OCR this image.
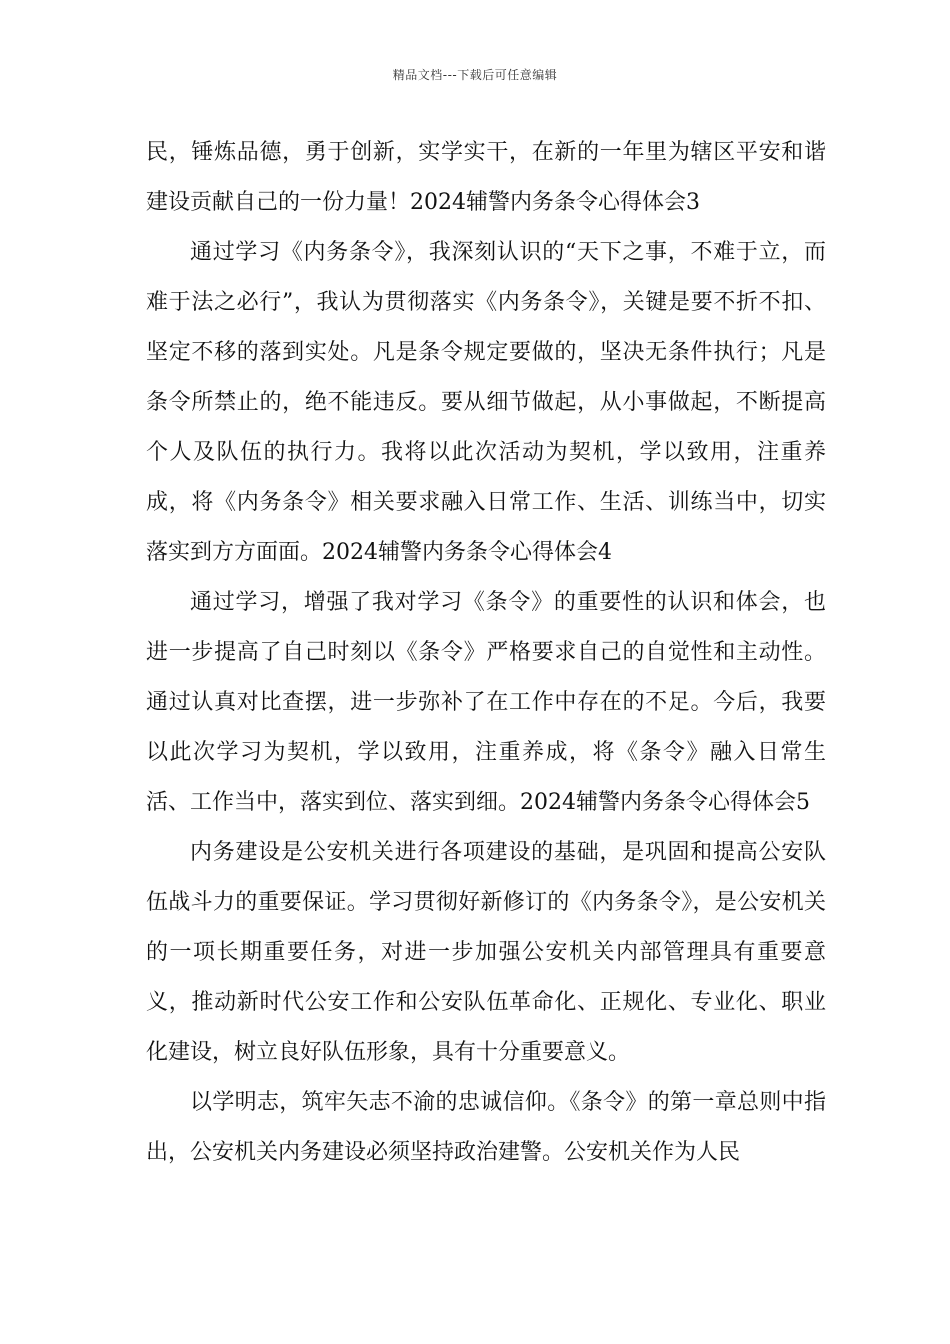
精品文档---下载后可任意编辑

民，锤炼品德，勇于创新，实学实干，在新的一年里为辖区平安和谐建设贡献自己的一份力量！2024辅警内务条令心得体会3

通过学习《内务条令》，我深刻认识的“天下之事，不难于立，而难于法之必行”，我认为贯彻落实《内务条令》，关键是要不折不扣、坚定不移的落到实处。凡是条令规定要做的，坚决无条件执行；凡是条令所禁止的，绝不能违反。要从细节做起，从小事做起，不断提高个人及队伍的执行力。我将以此次活动为契机，学以致用，注重养成，将《内务条令》相关要求融入日常工作、生活、训练当中，切实落实到方方面面。2024辅警内务条令心得体会4

通过学习，增强了我对学习《条令》的重要性的认识和体会，也进一步提高了自己时刻以《条令》严格要求自己的自觉性和主动性。通过认真对比查摆，进一步弥补了在工作中存在的不足。今后，我要以此次学习为契机，学以致用，注重养成，将《条令》融入日常生活、工作当中，落实到位、落实到细。2024辅警内务条令心得体会5

内务建设是公安机关进行各项建设的基础，是巩固和提高公安队伍战斗力的重要保证。学习贯彻好新修订的《内务条令》，是公安机关的一项长期重要任务，对进一步加强公安机关内部管理具有重要意义，推动新时代公安工作和公安队伍革命化、正规化、专业化、职业化建设，树立良好队伍形象，具有十分重要意义。

以学明志，筑牢矢志不渝的忠诚信仰。《条令》的第一章总则中指出，公安机关内务建设必须坚持政治建警。公安机关作为人民
